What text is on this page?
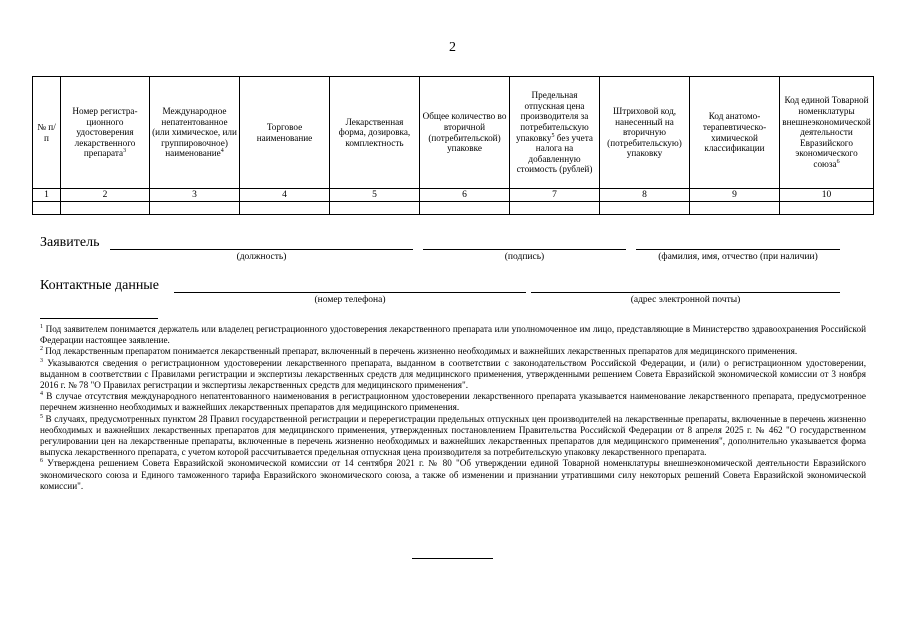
2
№ п/п	Номер регистра-ционного удостоверения лекарственного препарата$^3$	Международное непатентованное (или химическое, или группировочное) наименование$^4$	Торговое наименование	Лекарственная форма, дозировка, комплектность	Общее количество во вторичной (потребительской) упаковке	Предельная отпускная цена производителя за потребительскую упаковку$^5$ без учета налога на добавленную стоимость (рублей)	Штриховой код, нанесенный на вторичную (потребительскую) упаковку	Код анатомо-терапевтическо-химической классификации	Код единой Товарной номенклатуры внешнеэкономической деятельности Евразийского экономического союза$^6$
1	2	3	4	5	6	7	8	9	10

Заявитель
(должность)	(подпись)	(фамилия, имя, отчество (при наличии)
Контактные данные
(номер телефона)	(адрес электронной почты)

$^1$ Под заявителем понимается держатель или владелец регистрационного удостоверения лекарственного препарата или уполномоченное им лицо, представляющие в Министерство здравоохранения Российской Федерации настоящее заявление.

$^2$ Под лекарственным препаратом понимается лекарственный препарат, включенный в перечень жизненно необходимых и важнейших лекарственных препаратов для медицинского применения.

$^3$ Указываются сведения о регистрационном удостоверении лекарственного препарата, выданном в соответствии с законодательством Российской Федерации, и (или) о регистрационном удостоверении, выданном в соответствии с Правилами регистрации и экспертизы лекарственных средств для медицинского применения, утвержденными решением Совета Евразийской экономической комиссии от 3 ноября 2016 г. № 78 "О Правилах регистрации и экспертизы лекарственных средств для медицинского применения".

$^4$ В случае отсутствия международного непатентованного наименования в регистрационном удостоверении лекарственного препарата указывается наименование лекарственного препарата, предусмотренное перечнем жизненно необходимых и важнейших лекарственных препаратов для медицинского применения.

$^5$ В случаях, предусмотренных пунктом 28 Правил государственной регистрации и перерегистрации предельных отпускных цен производителей на лекарственные препараты, включенные в перечень жизненно необходимых и важнейших лекарственных препаратов для медицинского применения, утвержденных постановлением Правительства Российской Федерации от 8 апреля 2025 г. № 462 "О государственном регулировании цен на лекарственные препараты, включенные в перечень жизненно необходимых и важнейших лекарственных препаратов для медицинского применения", дополнительно указывается форма выпуска лекарственного препарата, с учетом которой рассчитывается предельная отпускная цена производителя за потребительскую упаковку лекарственного препарата.

$^6$ Утверждена решением Совета Евразийской экономической комиссии от 14 сентября 2021 г. № 80 "Об утверждении единой Товарной номенклатуры внешнеэкономической деятельности Евразийского экономического союза и Единого таможенного тарифа Евразийского экономического союза, а также об изменении и признании утратившими силу некоторых решений Совета Евразийской экономической комиссии".
